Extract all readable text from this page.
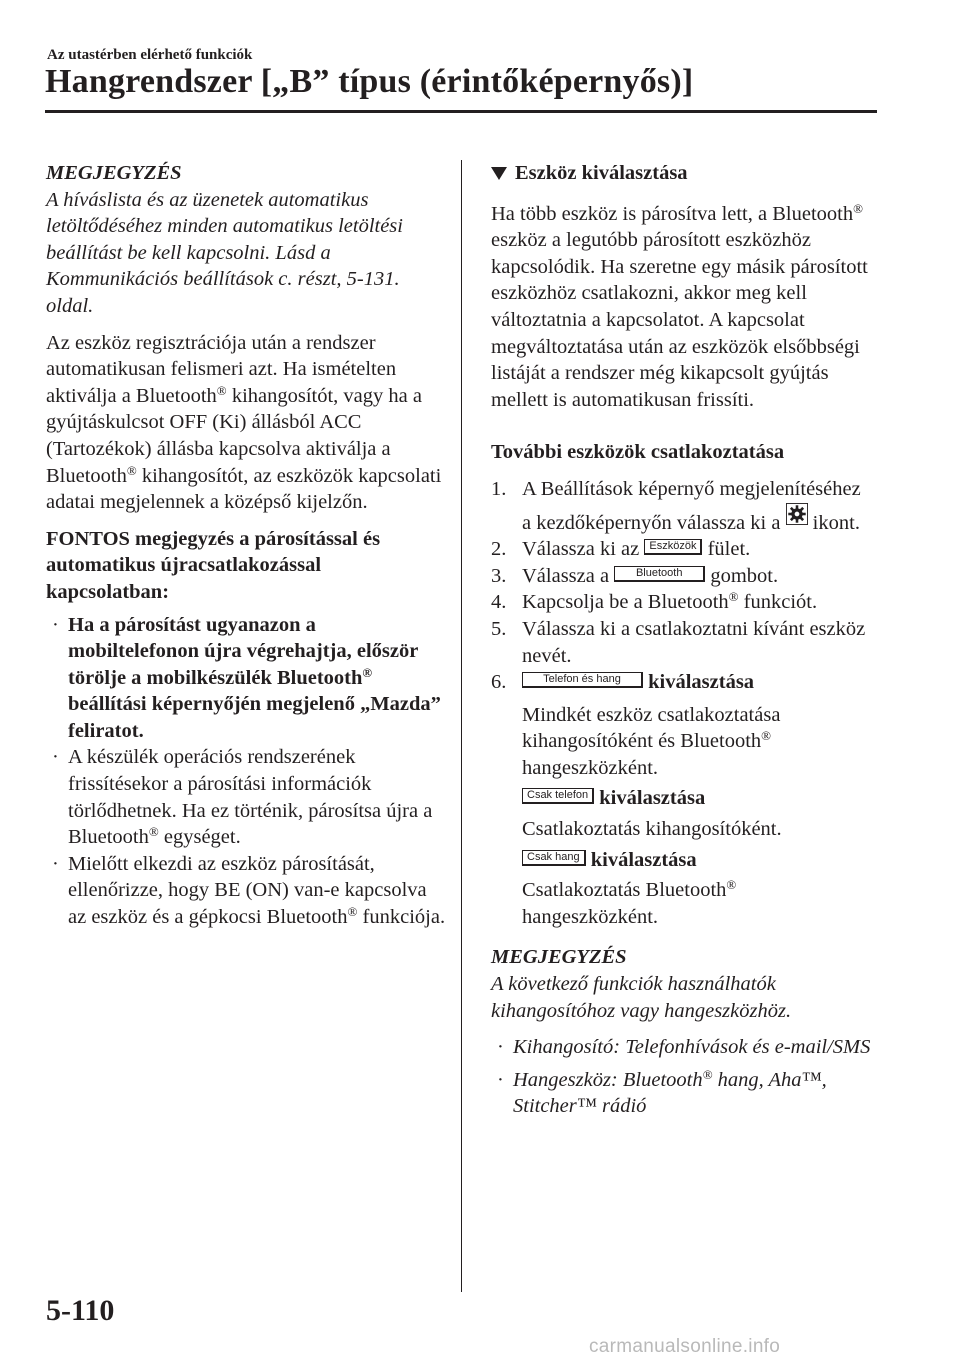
Az utastérben elérhető funkciók
Hangrendszer [„B” típus (érintőképernyős)]

MEGJEGYZÉS

A híváslista és az üzenetek automatikus letöltődéséhez minden automatikus letöltési beállítást be kell kapcsolni. Lásd a Kommunikációs beállítások c. részt, 5-131. oldal.

Az eszköz regisztrációja után a rendszer automatikusan felismeri azt. Ha ismételten aktiválja a Bluetooth® kihangosítót, vagy ha a gyújtáskulcsot OFF (Ki) állásból ACC (Tartozékok) állásba kapcsolva aktiválja a Bluetooth® kihangosítót, az eszközök kapcsolati adatai megjelennek a középső kijelzőn.

FONTOS megjegyzés a párosítással és automatikus újracsatlakozással kapcsolatban:

· Ha a párosítást ugyanazon a mobiltelefonon újra végrehajtja, először törölje a mobilkészülék Bluetooth® beállítási képernyőjén megjelenő „Mazda” feliratot.
· A készülék operációs rendszerének frissítésekor a párosítási információk törlődhetnek. Ha ez történik, párosítsa újra a Bluetooth® egységet.
· Mielőtt elkezdi az eszköz párosítását, ellenőrizze, hogy BE (ON) van-e kapcsolva az eszköz és a gépkocsi Bluetooth® funkciója.
Eszköz kiválasztása

Ha több eszköz is párosítva lett, a Bluetooth® eszköz a legutóbb párosított eszközhöz kapcsolódik. Ha szeretne egy másik párosított eszközhöz csatlakozni, akkor meg kell változtatnia a kapcsolatot. A kapcsolat megváltoztatása után az eszközök elsőbbségi listáját a rendszer még kikapcsolt gyújtás mellett is automatikusan frissíti.

További eszközök csatlakoztatása

1. A Beállítások képernyő megjelenítéséhez a kezdőképernyőn válassza ki a ikont.
2. Válassza ki az Eszközök fület.
3. Válassza a Bluetooth gombot.
4. Kapcsolja be a Bluetooth® funkciót.
5. Válassza ki a csatlakoztatni kívánt eszköz nevét.
6.	Telefon és hang kiválasztása
Mindkét eszköz csatlakoztatása kihangosítóként és Bluetooth®
hangeszközként.
Csak telefon kiválasztása
Csatlakoztatás kihangosítóként.
Csak hang kiválasztása
Csatlakoztatás Bluetooth®
hangeszközként.

MEGJEGYZÉS

A következő funkciók használhatók kihangosítóhoz vagy hangeszközhöz.

· Kihangosító: Telefonhívások és e-mail/SMS
· Hangeszköz: Bluetooth® hang, Aha™, Stitcher™ rádió
5-110
carmanualsonline.info
